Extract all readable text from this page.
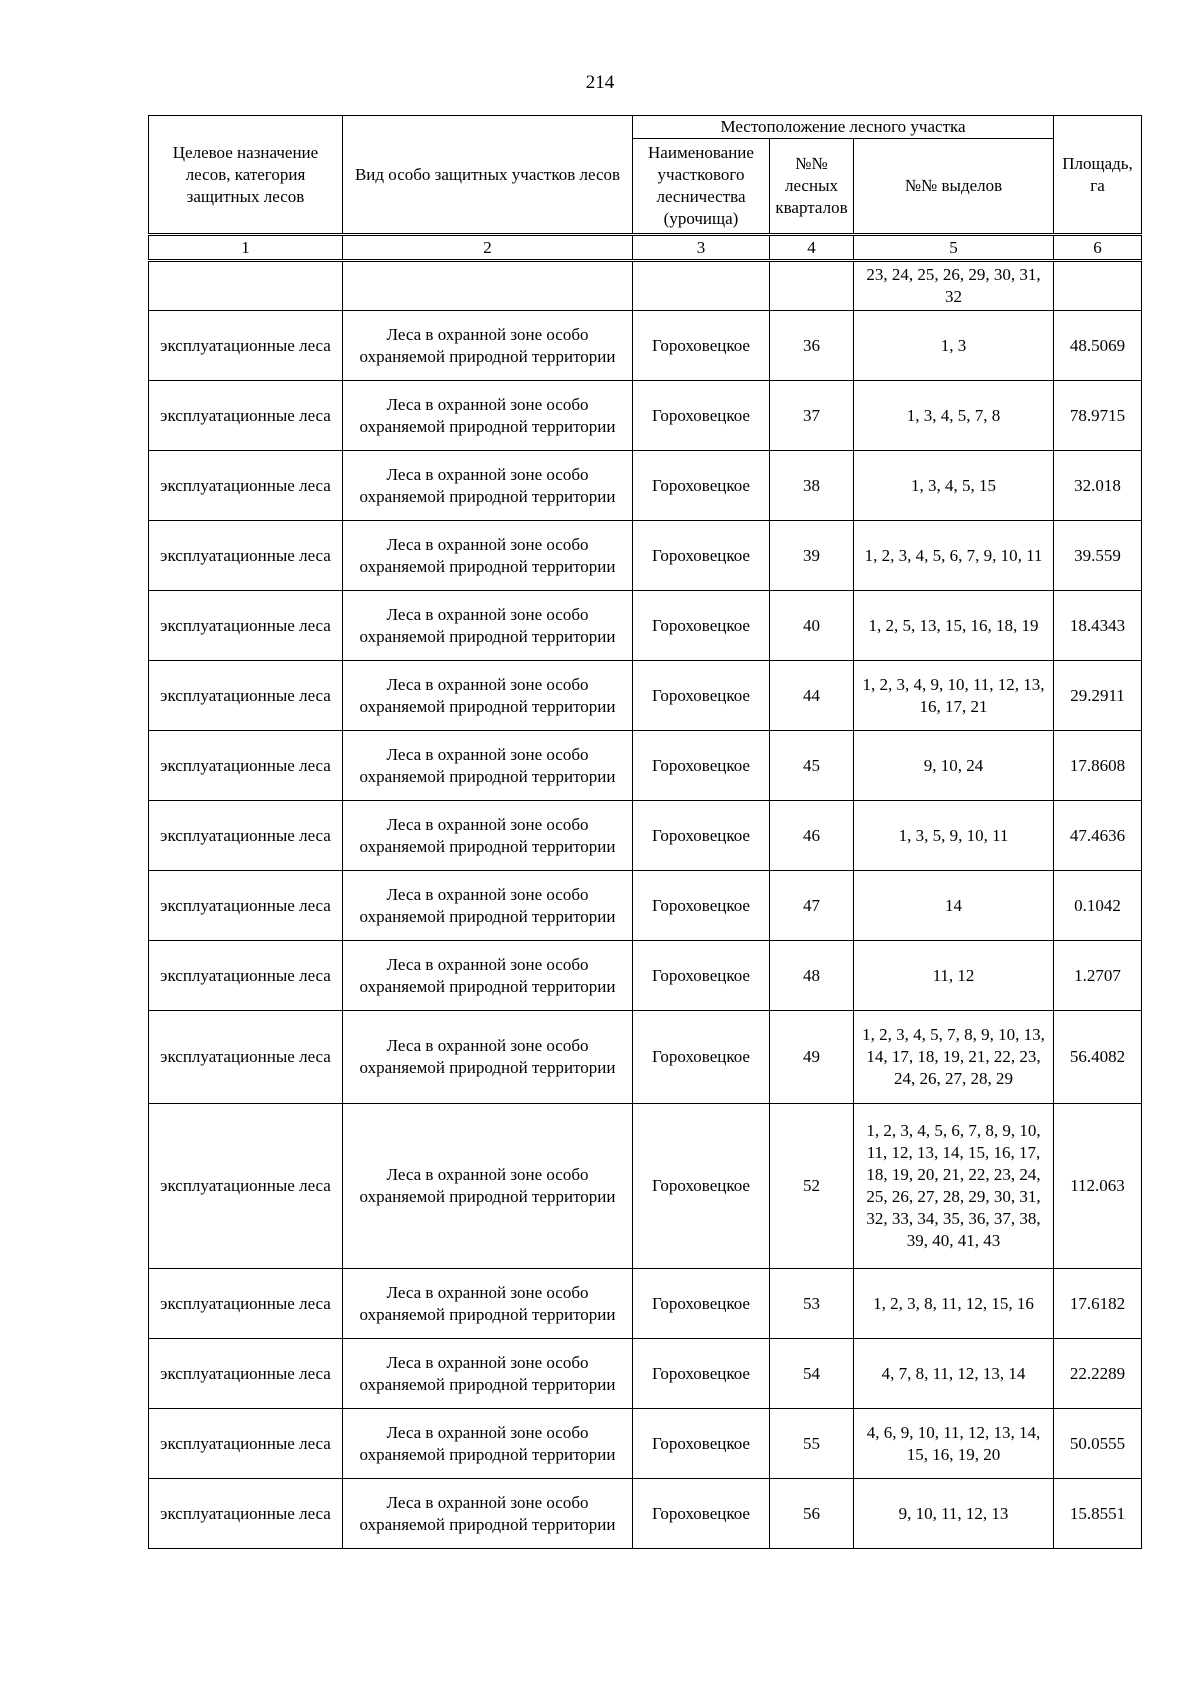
214
Целевое назначение лесов, категория защитных лесов	Вид особо защитных участков лесов	Местоположение лесного участка			Площадь, га
		Наименование участкового лесничества (урочища)	№№ лесных кварталов	№№ выделов	
1	2	3	4	5	6
				23, 24, 25, 26, 29, 30, 31, 32	
эксплуатационные леса	Леса в охранной зоне особо охраняемой природной территории	Гороховецкое	36	1, 3	48.5069
эксплуатационные леса	Леса в охранной зоне особо охраняемой природной территории	Гороховецкое	37	1, 3, 4, 5, 7, 8	78.9715
эксплуатационные леса	Леса в охранной зоне особо охраняемой природной территории	Гороховецкое	38	1, 3, 4, 5, 15	32.018
эксплуатационные леса	Леса в охранной зоне особо охраняемой природной территории	Гороховецкое	39	1, 2, 3, 4, 5, 6, 7, 9, 10, 11	39.559
эксплуатационные леса	Леса в охранной зоне особо охраняемой природной территории	Гороховецкое	40	1, 2, 5, 13, 15, 16, 18, 19	18.4343
эксплуатационные леса	Леса в охранной зоне особо охраняемой природной территории	Гороховецкое	44	1, 2, 3, 4, 9, 10, 11, 12, 13, 16, 17, 21	29.2911
эксплуатационные леса	Леса в охранной зоне особо охраняемой природной территории	Гороховецкое	45	9, 10, 24	17.8608
эксплуатационные леса	Леса в охранной зоне особо охраняемой природной территории	Гороховецкое	46	1, 3, 5, 9, 10, 11	47.4636
эксплуатационные леса	Леса в охранной зоне особо охраняемой природной территории	Гороховецкое	47	14	0.1042
эксплуатационные леса	Леса в охранной зоне особо охраняемой природной территории	Гороховецкое	48	11, 12	1.2707
эксплуатационные леса	Леса в охранной зоне особо охраняемой природной территории	Гороховецкое	49	1, 2, 3, 4, 5, 7, 8, 9, 10, 13, 14, 17, 18, 19, 21, 22, 23, 24, 26, 27, 28, 29	56.4082
эксплуатационные леса	Леса в охранной зоне особо охраняемой природной территории	Гороховецкое	52	1, 2, 3, 4, 5, 6, 7, 8, 9, 10, 11, 12, 13, 14, 15, 16, 17, 18, 19, 20, 21, 22, 23, 24, 25, 26, 27, 28, 29, 30, 31, 32, 33, 34, 35, 36, 37, 38, 39, 40, 41, 43	112.063
эксплуатационные леса	Леса в охранной зоне особо охраняемой природной территории	Гороховецкое	53	1, 2, 3, 8, 11, 12, 15, 16	17.6182
эксплуатационные леса	Леса в охранной зоне особо охраняемой природной территории	Гороховецкое	54	4, 7, 8, 11, 12, 13, 14	22.2289
эксплуатационные леса	Леса в охранной зоне особо охраняемой природной территории	Гороховецкое	55	4, 6, 9, 10, 11, 12, 13, 14, 15, 16, 19, 20	50.0555
эксплуатационные леса	Леса в охранной зоне особо охраняемой природной территории	Гороховецкое	56	9, 10, 11, 12, 13	15.8551
